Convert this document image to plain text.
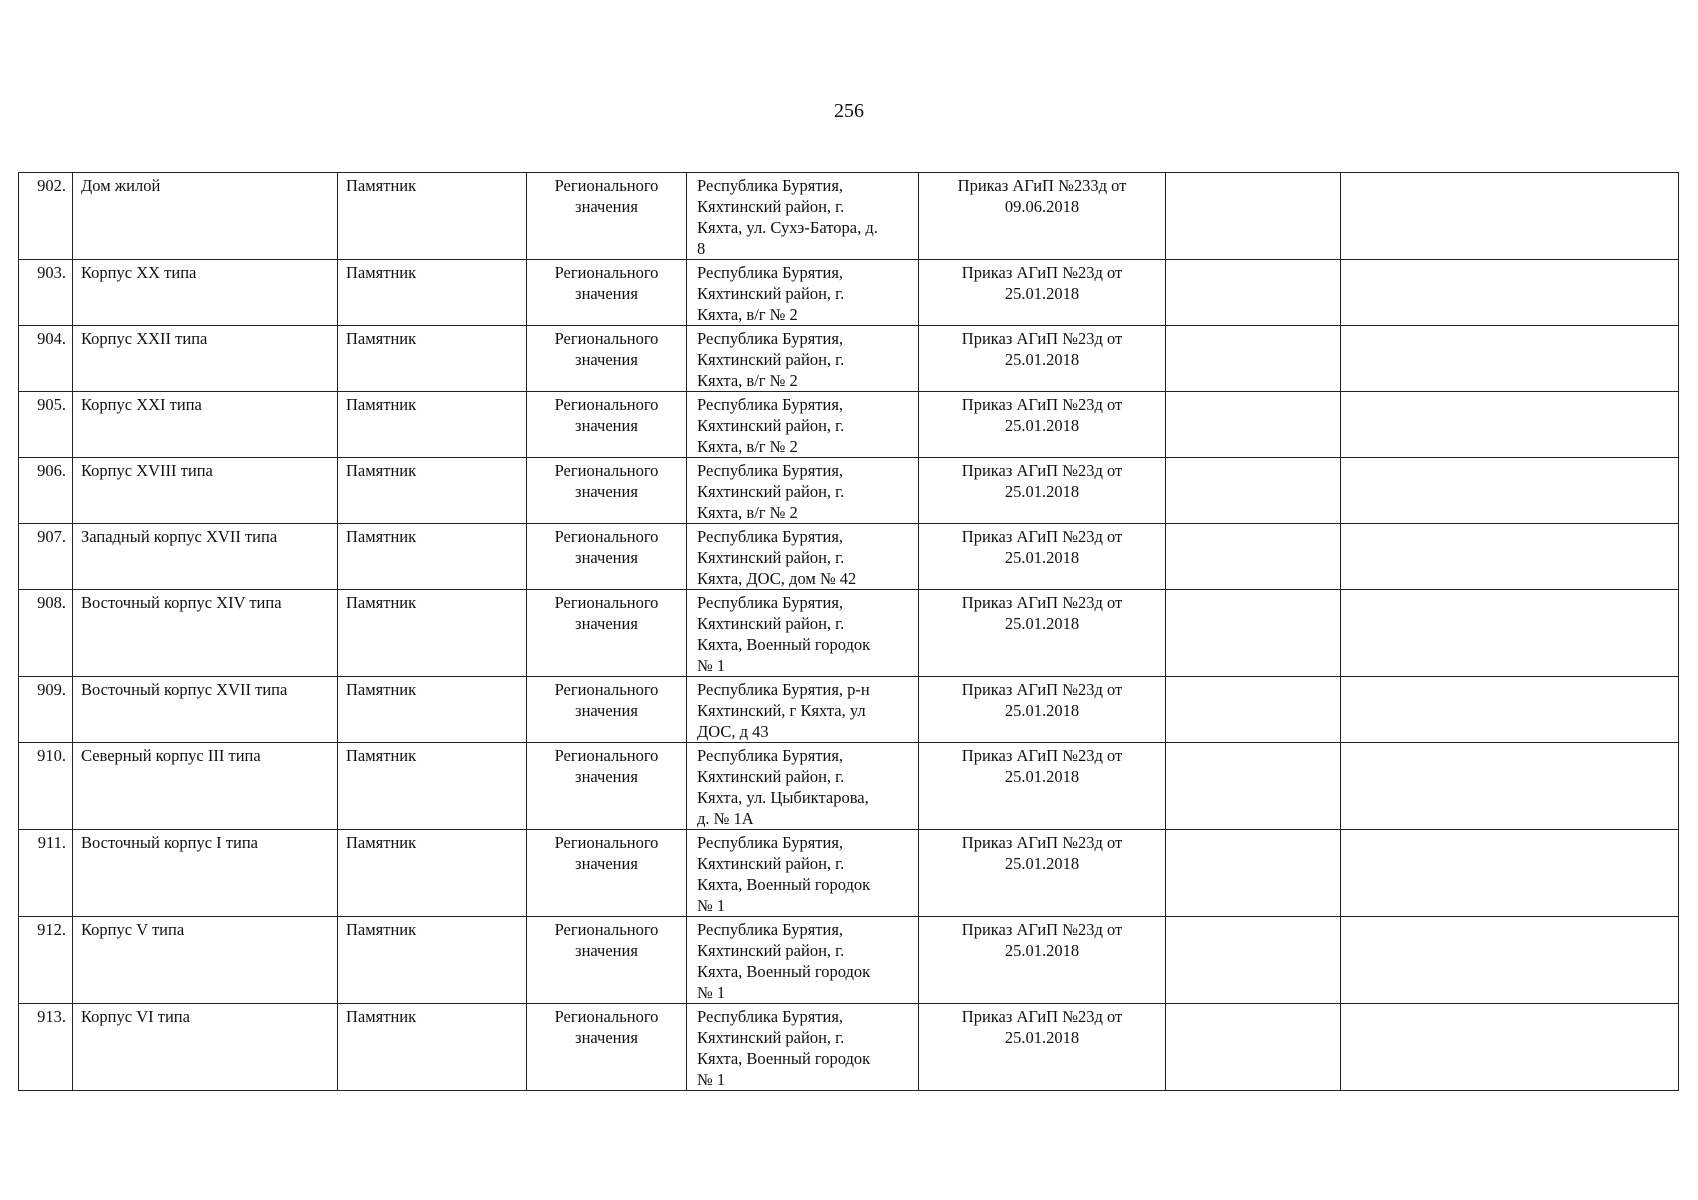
256
902.	Дом жилой	Памятник	Регионального
значения	Республика Бурятия,
Кяхтинский район, г.
Кяхта, ул. Сухэ-Батора, д.
8	Приказ АГиП №233д от
09.06.2018		
903.	Корпус XX типа	Памятник	Регионального
значения	Республика Бурятия,
Кяхтинский район, г.
Кяхта, в/г № 2	Приказ АГиП №23д от
25.01.2018		
904.	Корпус XXII типа	Памятник	Регионального
значения	Республика Бурятия,
Кяхтинский район, г.
Кяхта, в/г № 2	Приказ АГиП №23д от
25.01.2018		
905.	Корпус XXI типа	Памятник	Регионального
значения	Республика Бурятия,
Кяхтинский район, г.
Кяхта, в/г № 2	Приказ АГиП №23д от
25.01.2018		
906.	Корпус XVIII типа	Памятник	Регионального
значения	Республика Бурятия,
Кяхтинский район, г.
Кяхта, в/г № 2	Приказ АГиП №23д от
25.01.2018		
907.	Западный корпус XVII типа	Памятник	Регионального
значения	Республика Бурятия,
Кяхтинский район, г.
Кяхта, ДОС, дом № 42	Приказ АГиП №23д от
25.01.2018		
908.	Восточный корпус XIV типа	Памятник	Регионального
значения	Республика Бурятия,
Кяхтинский район, г.
Кяхта, Военный городок
№ 1	Приказ АГиП №23д от
25.01.2018		
909.	Восточный корпус XVII типа	Памятник	Регионального
значения	Республика Бурятия, р-н
Кяхтинский, г Кяхта, ул
ДОС, д 43	Приказ АГиП №23д от
25.01.2018		
910.	Северный корпус III типа	Памятник	Регионального
значения	Республика Бурятия,
Кяхтинский район, г.
Кяхта, ул. Цыбиктарова,
д. № 1А	Приказ АГиП №23д от
25.01.2018		
911.	Восточный корпус I типа	Памятник	Регионального
значения	Республика Бурятия,
Кяхтинский район, г.
Кяхта, Военный городок
№ 1	Приказ АГиП №23д от
25.01.2018		
912.	Корпус V типа	Памятник	Регионального
значения	Республика Бурятия,
Кяхтинский район, г.
Кяхта, Военный городок
№ 1	Приказ АГиП №23д от
25.01.2018		
913.	Корпус VI типа	Памятник	Регионального
значения	Республика Бурятия,
Кяхтинский район, г.
Кяхта, Военный городок
№ 1	Приказ АГиП №23д от
25.01.2018		
